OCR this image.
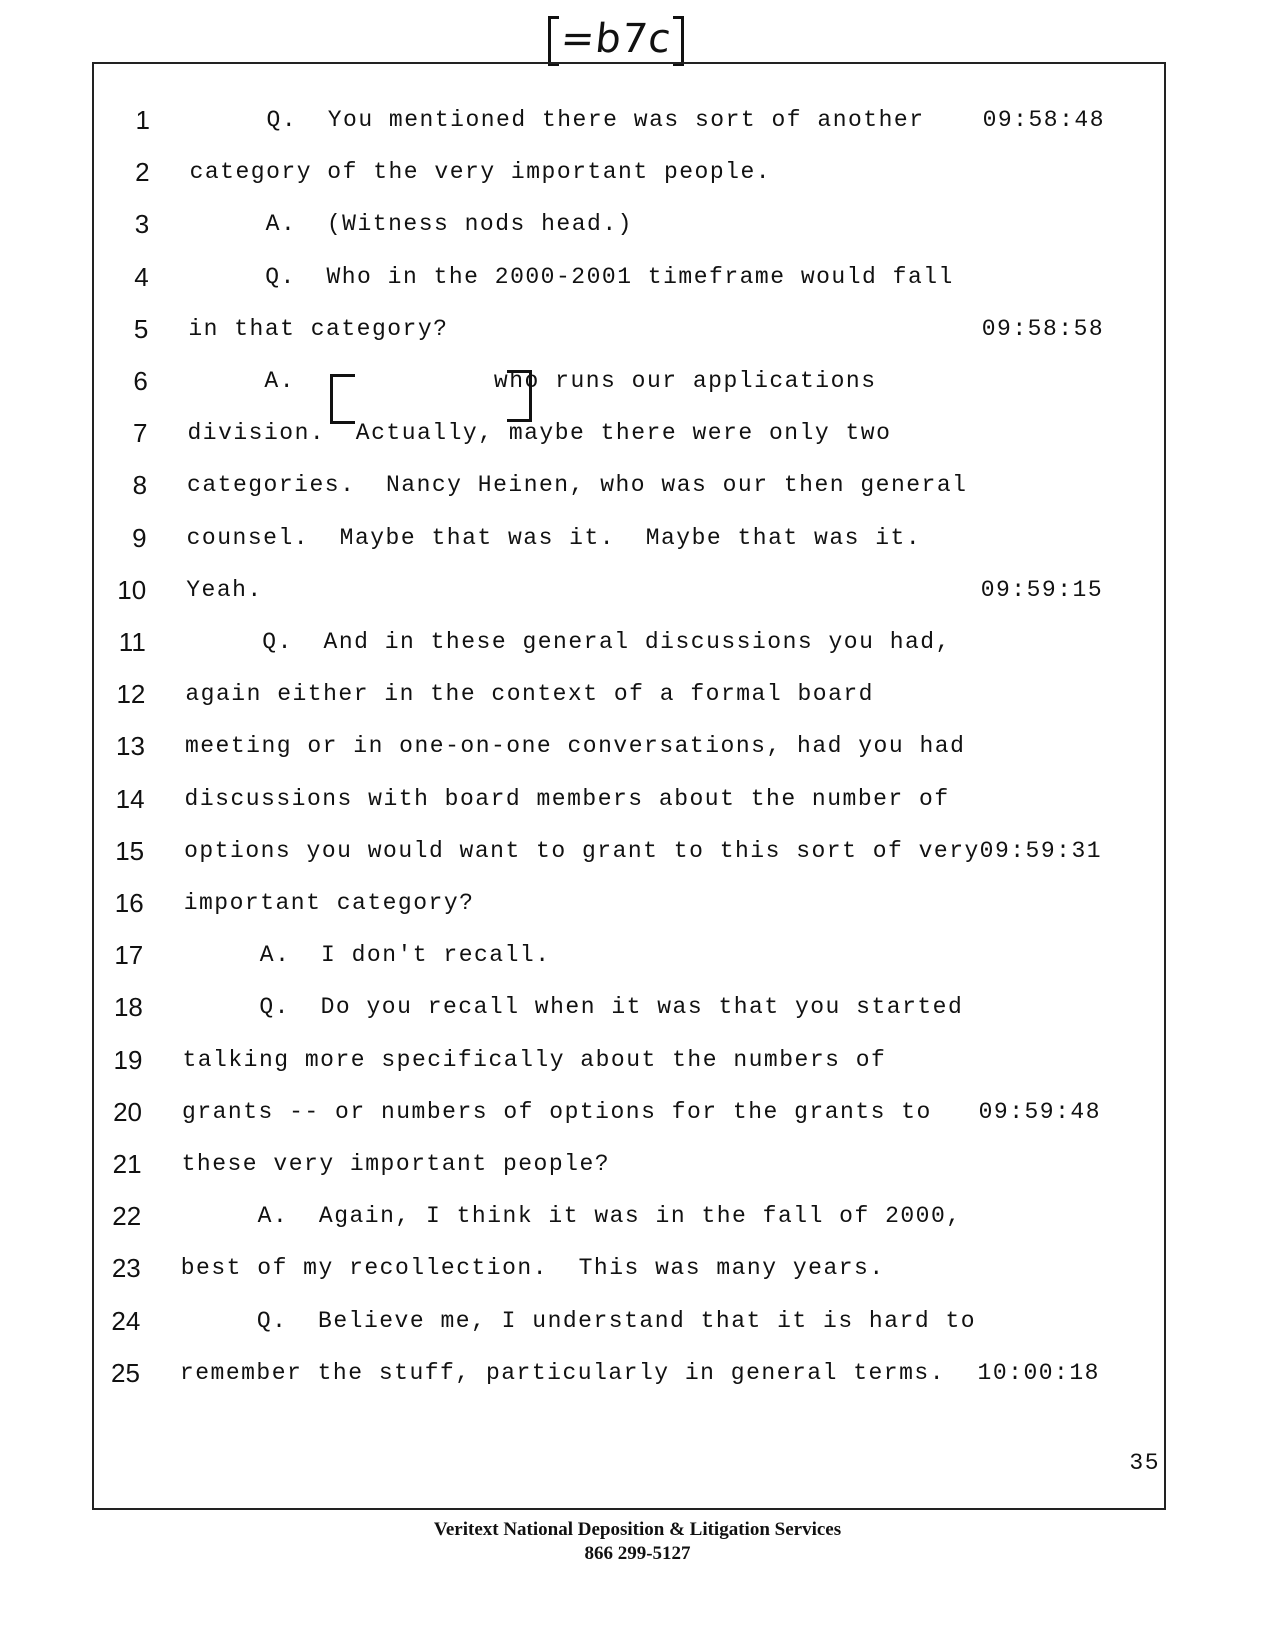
=b7c
1 Q.  You mentioned there was sort of another	09:58:48
2 category of the very important people.
3 A.  (Witness nods head.)
4 Q.  Who in the 2000-2001 timeframe would fall
5 in that category?	09:58:58
6 A.             who runs our applications
7 division.  Actually, maybe there were only two
8 categories.  Nancy Heinen, who was our then general
9 counsel.  Maybe that was it.  Maybe that was it.
10 Yeah.	09:59:15
11 Q.  And in these general discussions you had,
12 again either in the context of a formal board
13 meeting or in one-on-one conversations, had you had
14 discussions with board members about the number of
15 options you would want to grant to this sort of very 09:59:31
16 important category?
17 A.  I don't recall.
18 Q.  Do you recall when it was that you started
19 talking more specifically about the numbers of
20 grants -- or numbers of options for the grants to 09:59:48
21 these very important people?
22 A.  Again, I think it was in the fall of 2000,
23 best of my recollection.  This was many years.
24 Q.  Believe me, I understand that it is hard to
25 remember the stuff, particularly in general terms. 10:00:18
35
Veritext National Deposition & Litigation Services
866 299-5127
